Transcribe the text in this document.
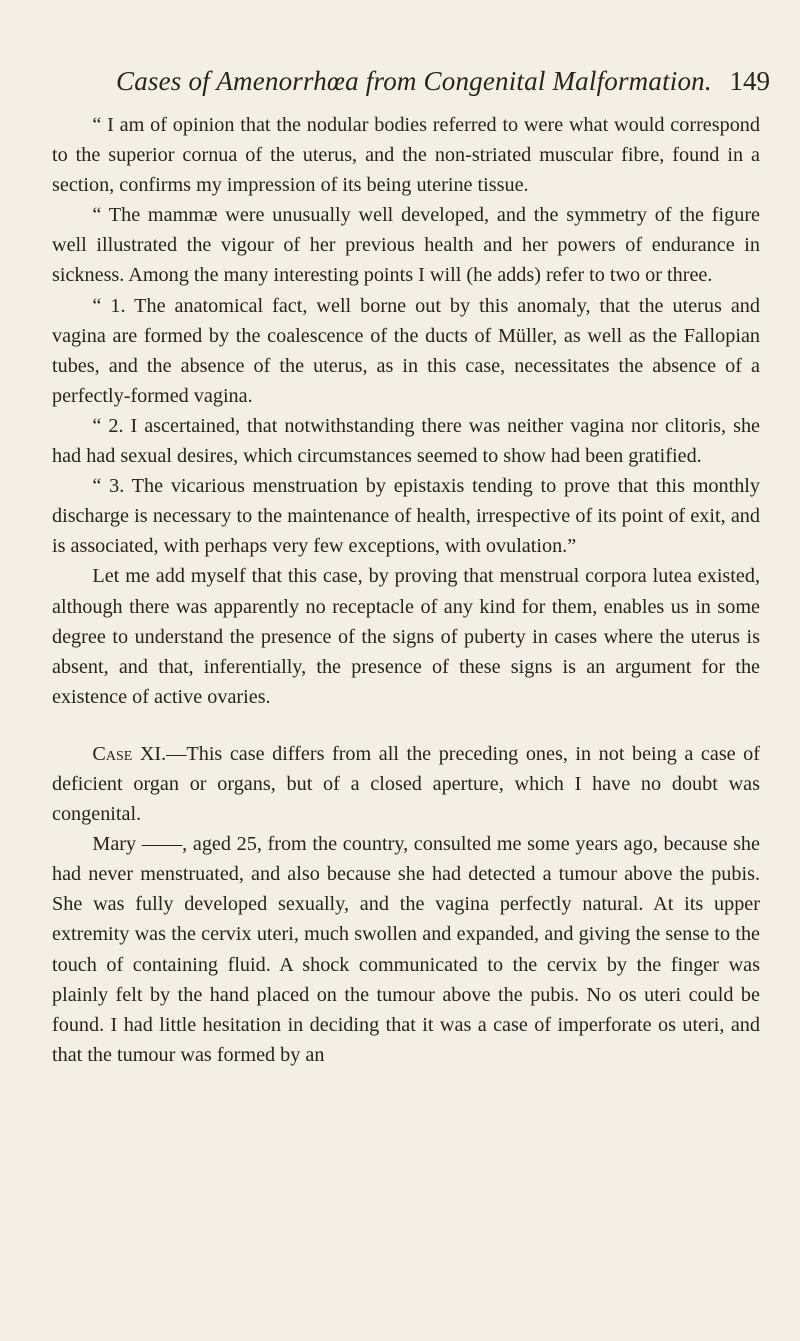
Cases of Amenorrhœa from Congenital Malformation. 149

“ I am of opinion that the nodular bodies referred to were what would correspond to the superior cornua of the uterus, and the non-striated muscular fibre, found in a section, confirms my impression of its being uterine tissue.

“ The mammæ were unusually well developed, and the symmetry of the figure well illustrated the vigour of her previous health and her powers of endurance in sickness. Among the many interesting points I will (he adds) refer to two or three.

“ 1. The anatomical fact, well borne out by this anomaly, that the uterus and vagina are formed by the coalescence of the ducts of Müller, as well as the Fallopian tubes, and the absence of the uterus, as in this case, necessitates the absence of a perfectly-formed vagina.

“ 2. I ascertained, that notwithstanding there was neither vagina nor clitoris, she had had sexual desires, which circumstances seemed to show had been gratified.

“ 3. The vicarious menstruation by epistaxis tending to prove that this monthly discharge is necessary to the maintenance of health, irrespective of its point of exit, and is associated, with perhaps very few exceptions, with ovulation.”

Let me add myself that this case, by proving that menstrual corpora lutea existed, although there was apparently no receptacle of any kind for them, enables us in some degree to understand the presence of the signs of puberty in cases where the uterus is absent, and that, inferentially, the presence of these signs is an argument for the existence of active ovaries.

Case XI.—This case differs from all the preceding ones, in not being a case of deficient organ or organs, but of a closed aperture, which I have no doubt was congenital.

Mary ——, aged 25, from the country, consulted me some years ago, because she had never menstruated, and also because she had detected a tumour above the pubis. She was fully developed sexually, and the vagina perfectly natural. At its upper extremity was the cervix uteri, much swollen and expanded, and giving the sense to the touch of containing fluid. A shock communicated to the cervix by the finger was plainly felt by the hand placed on the tumour above the pubis. No os uteri could be found. I had little hesitation in deciding that it was a case of imperforate os uteri, and that the tumour was formed by an
